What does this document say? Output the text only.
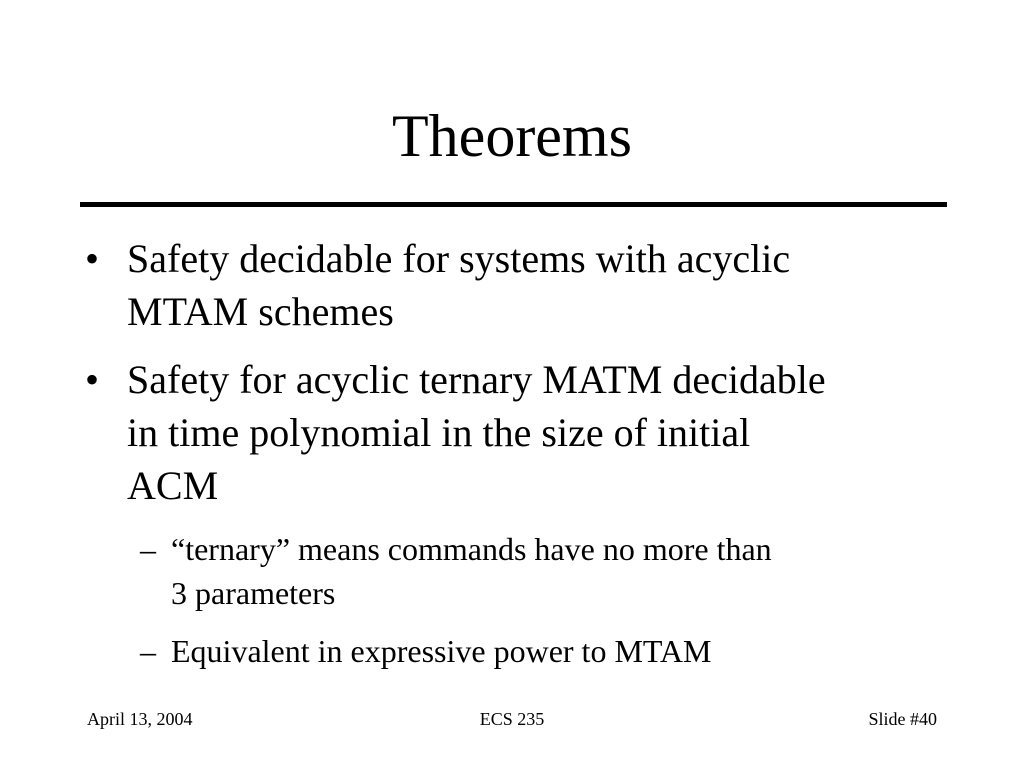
Theorems
• Safety decidable for systems with acyclic
MTAM schemes
• Safety for acyclic ternary MATM decidable
in time polynomial in the size of initial
ACM
– “ternary” means commands have no more than
3 parameters
– Equivalent in expressive power to MTAM
April 13, 2004	ECS 235	Slide #40
